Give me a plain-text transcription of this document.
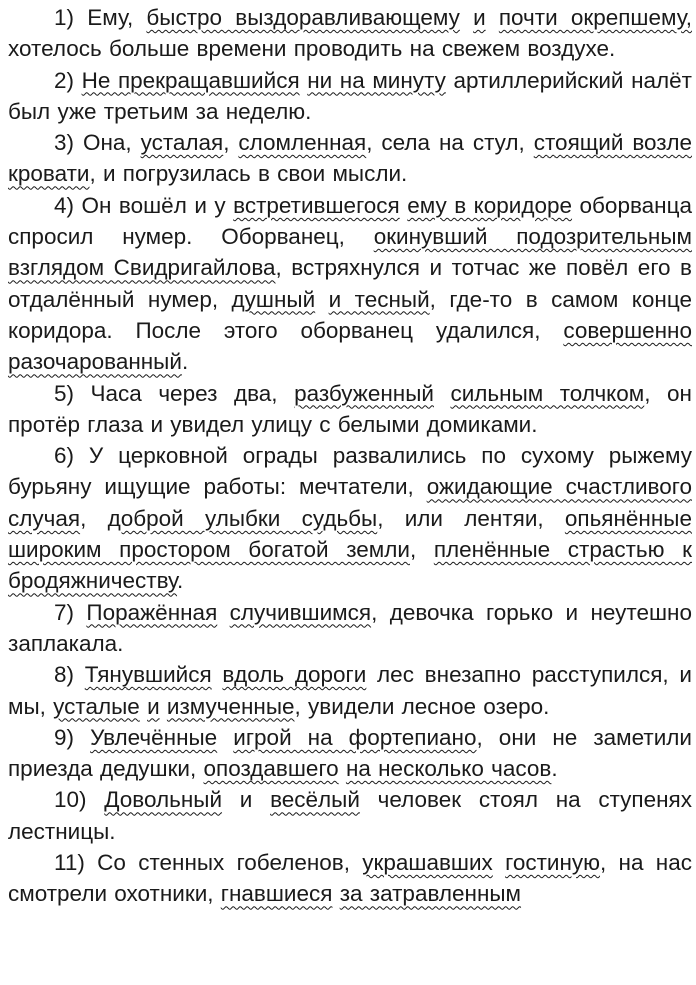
1) Ему, быстро выздоравливающему и почти окрепшему, хотелось больше времени проводить на свежем воздухе.

2) Не прекращавшийся ни на минуту артиллерийский налёт был уже третьим за неделю.

3) Она, усталая, сломленная, села на стул, стоящий возле кровати, и погрузилась в свои мысли.

4) Он вошёл и у встретившегося ему в коридоре оборванца спросил нумер. Оборванец, окинувший подозрительным взглядом Свидригайлова, встряхнулся и тотчас же повёл его в отдалённый нумер, душный и тесный, где-то в самом конце коридора. После этого оборванец удалился, совершенно разочарованный.

5) Часа через два, разбуженный сильным толчком, он протёр глаза и увидел улицу с белыми домиками.

6) У церковной ограды развалились по сухому рыжему бурьяну ищущие работы: мечтатели, ожидающие счастливого случая, доброй улыбки судьбы, или лентяи, опьянённые широким простором богатой земли, пленённые страстью к бродяжничеству.

7) Поражённая случившимся, девочка горько и неутешно заплакала.

8) Тянувшийся вдоль дороги лес внезапно расступился, и мы, усталые и измученные, увидели лесное озеро.

9) Увлечённые игрой на фортепиано, они не заметили приезда дедушки, опоздавшего на несколько часов.

10) Довольный и весёлый человек стоял на ступенях лестницы.

11) Со стенных гобеленов, украшавших гостиную, на нас смотрели охотники, гнавшиеся за затравленным
